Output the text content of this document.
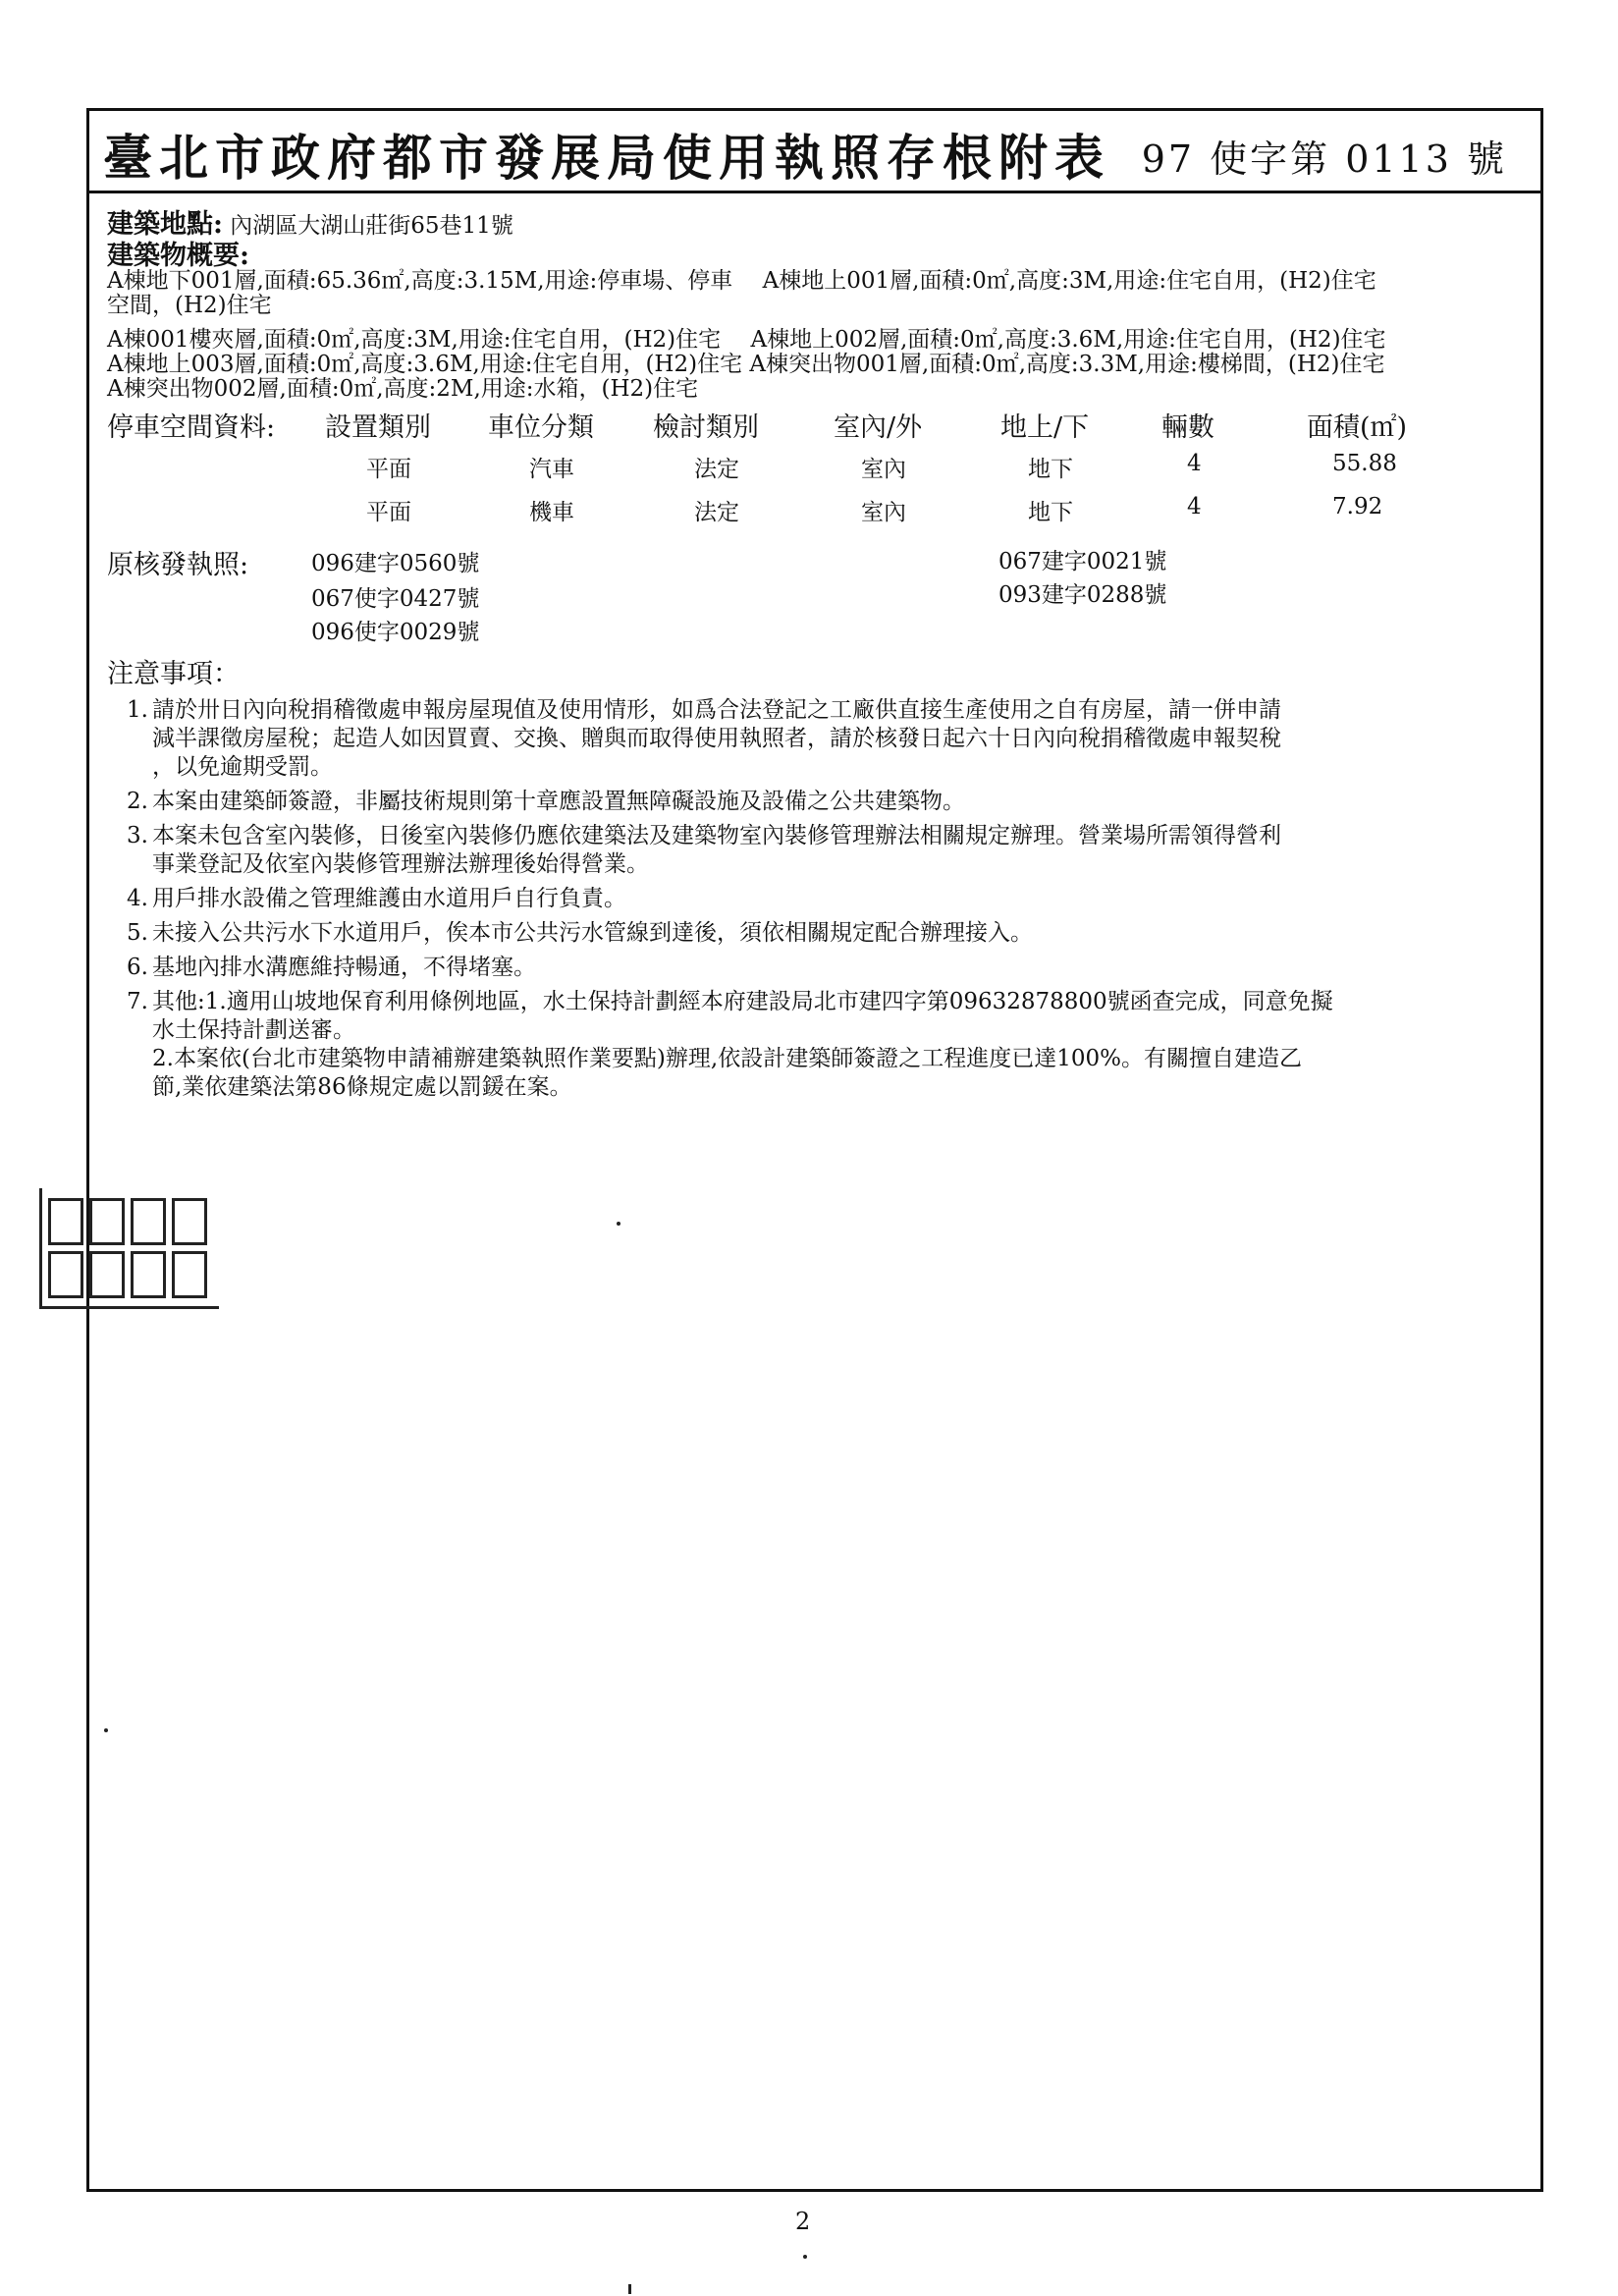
臺北市政府都市發展局使用執照存根附表 97 使字第 0113 號
建築地點: 內湖區大湖山莊街65巷11號
建築物概要:
A棟地下001層,面積:65.36㎡,高度:3.15M,用途:停車場、停車 　A棟地上001層,面積:0㎡,高度:3M,用途:住宅自用，(H2)住宅
空間，(H2)住宅
A棟001樓夾層,面積:0㎡,高度:3M,用途:住宅自用，(H2)住宅 　A棟地上002層,面積:0㎡,高度:3.6M,用途:住宅自用，(H2)住宅
A棟地上003層,面積:0㎡,高度:3.6M,用途:住宅自用，(H2)住宅 A棟突出物001層,面積:0㎡,高度:3.3M,用途:樓梯間，(H2)住宅
A棟突出物002層,面積:0㎡,高度:2M,用途:水箱，(H2)住宅
停車空間資料: 設置類別 車位分類 檢討類別	室內/外	地上/下	輛數	面積(㎡)
平面	汽車	法定	室內	地下	4	55.88
平面	機車	法定	室內	地下	4	7.92
原核發執照:	096建字0560號
067使字0427號
096使字0029號
067建字0021號
093建字0288號
注意事項：
1. 請於卅日內向稅捐稽徵處申報房屋現值及使用情形，如爲合法登記之工廠供直接生產使用之自有房屋，請一併申請
減半課徵房屋稅；起造人如因買賣、交換、贈與而取得使用執照者，請於核發日起六十日內向稅捐稽徵處申報契稅
，以免逾期受罰。
2. 本案由建築師簽證，非屬技術規則第十章應設置無障礙設施及設備之公共建築物。
3. 本案未包含室內裝修，日後室內裝修仍應依建築法及建築物室內裝修管理辦法相關規定辦理。營業場所需領得營利
事業登記及依室內裝修管理辦法辦理後始得營業。
4. 用戶排水設備之管理維護由水道用戶自行負責。
5. 未接入公共污水下水道用戶，俟本市公共污水管線到達後，須依相關規定配合辦理接入。
6. 基地內排水溝應維持暢通，不得堵塞。
7. 其他:1.適用山坡地保育利用條例地區，水土保持計劃經本府建設局北市建四字第09632878800號函查完成，同意免擬
水土保持計劃送審。
2.本案依(台北市建築物申請補辦建築執照作業要點)辦理,依設計建築師簽證之工程進度已達100%。有關擅自建造乙
節,業依建築法第86條規定處以罰鍰在案。
2
